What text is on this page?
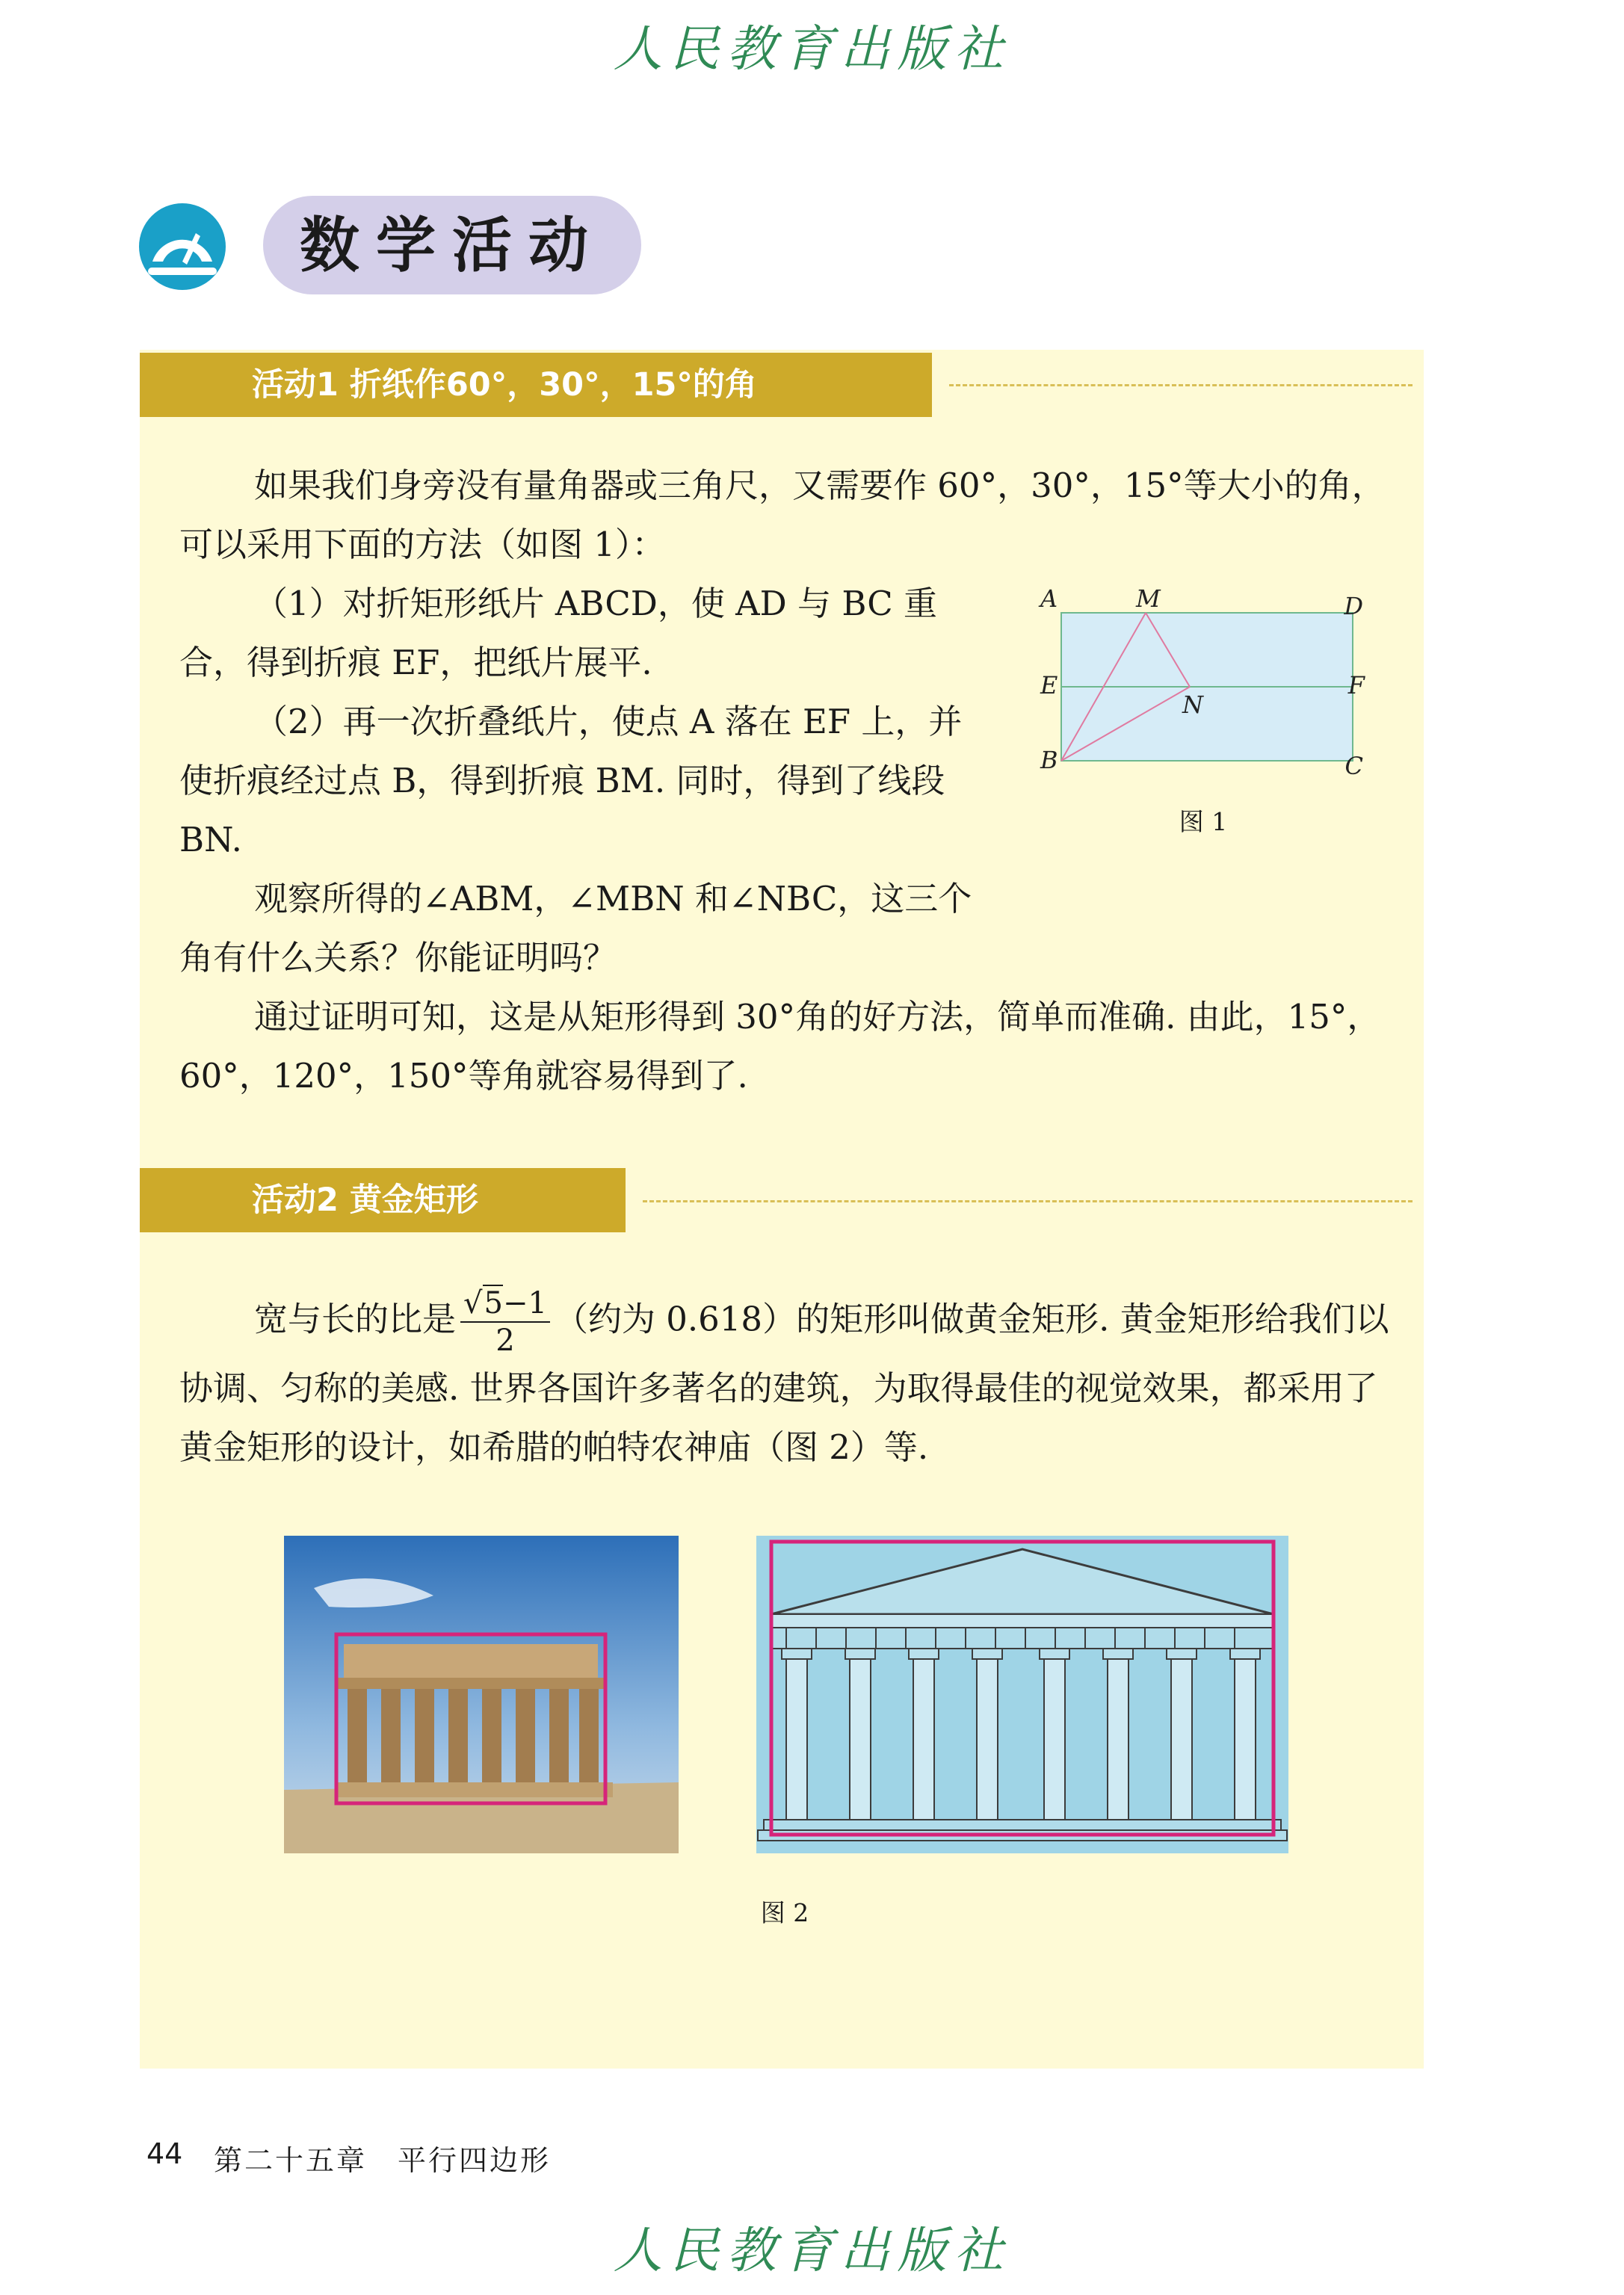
人民教育出版社
数学活动
活动1 折纸作60°，30°，15°的角

如果我们身旁没有量角器或三角尺，又需要作 60°，30°，15°等大小的角，可以采用下面的方法（如图 1）：

（1）对折矩形纸片 ABCD，使 AD 与 BC 重合，得到折痕 EF，把纸片展平.

（2）再一次折叠纸片，使点 A 落在 EF 上，并使折痕经过点 B，得到折痕 BM. 同时，得到了线段 BN.

观察所得的∠ABM，∠MBN 和∠NBC，这三个角有什么关系？你能证明吗？

通过证明可知，这是从矩形得到 30°角的好方法，简单而准确. 由此，15°，60°，120°，150°等角就容易得到了.

A	M	D
E	F
N
B	C
图 1
活动2 黄金矩形

宽与长的比是 $\frac{√5-1}{2}$ （约为 0.618）的矩形叫做黄金矩形. 黄金矩形给我们以协调、匀称的美感. 世界各国许多著名的建筑，为取得最佳的视觉效果，都采用了黄金矩形的设计，如希腊的帕特农神庙（图 2）等.

图 2
44 第二十五章　平行四边形
人民教育出版社
